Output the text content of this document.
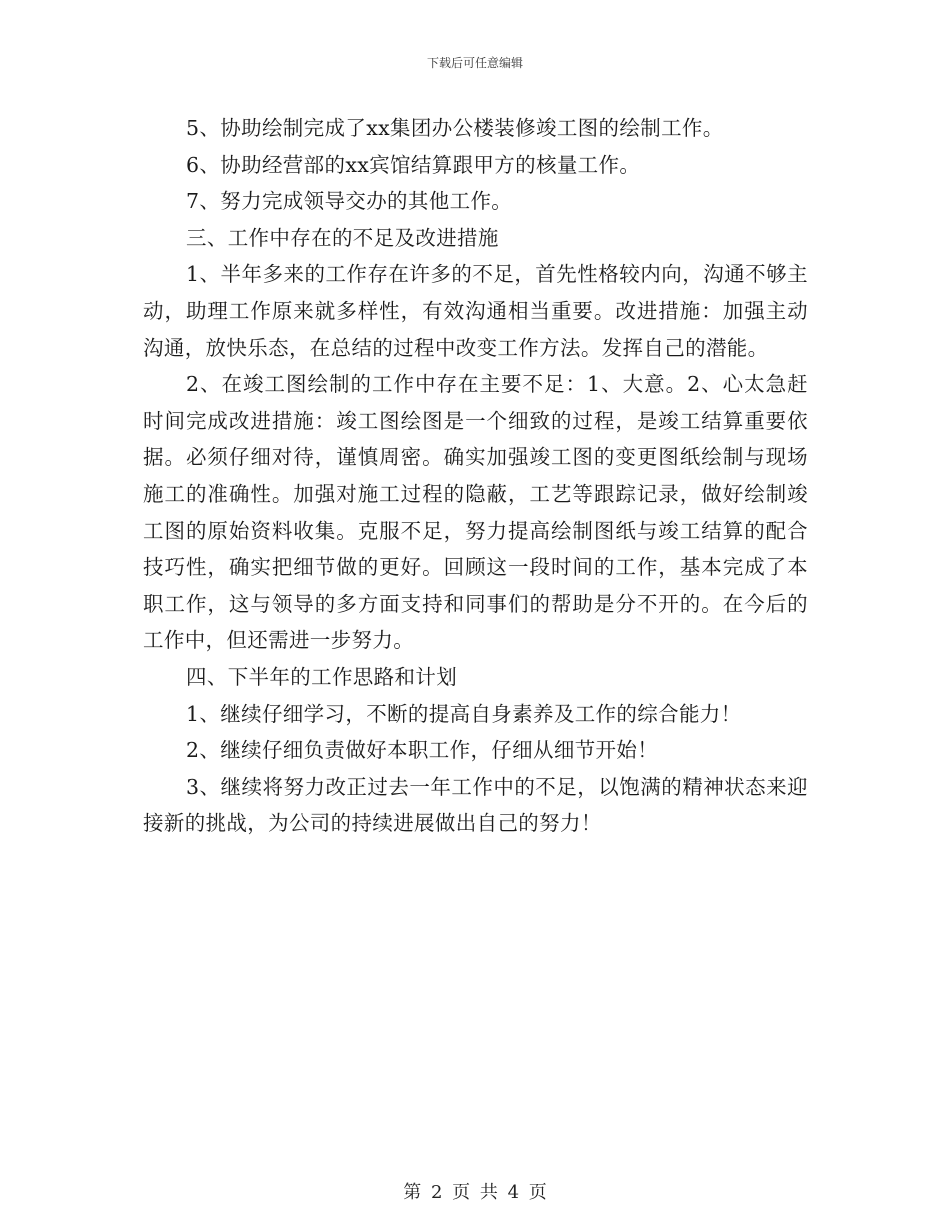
下载后可任意编辑

5、协助绘制完成了xx集团办公楼装修竣工图的绘制工作。

6、协助经营部的xx宾馆结算跟甲方的核量工作。

7、努力完成领导交办的其他工作。

三、工作中存在的不足及改进措施

1、半年多来的工作存在许多的不足，首先性格较内向，沟通不够主动，助理工作原来就多样性，有效沟通相当重要。改进措施：加强主动沟通，放快乐态，在总结的过程中改变工作方法。发挥自己的潜能。

2、在竣工图绘制的工作中存在主要不足：1、大意。2、心太急赶时间完成改进措施：竣工图绘图是一个细致的过程，是竣工结算重要依据。必须仔细对待，谨慎周密。确实加强竣工图的变更图纸绘制与现场施工的准确性。加强对施工过程的隐蔽，工艺等跟踪记录，做好绘制竣工图的原始资料收集。克服不足，努力提高绘制图纸与竣工结算的配合技巧性，确实把细节做的更好。回顾这一段时间的工作，基本完成了本职工作，这与领导的多方面支持和同事们的帮助是分不开的。在今后的工作中，但还需进一步努力。

四、下半年的工作思路和计划

1、继续仔细学习，不断的提高自身素养及工作的综合能力！

2、继续仔细负责做好本职工作，仔细从细节开始！

3、继续将努力改正过去一年工作中的不足，以饱满的精神状态来迎接新的挑战，为公司的持续进展做出自己的努力！

第 2 页 共 4 页
